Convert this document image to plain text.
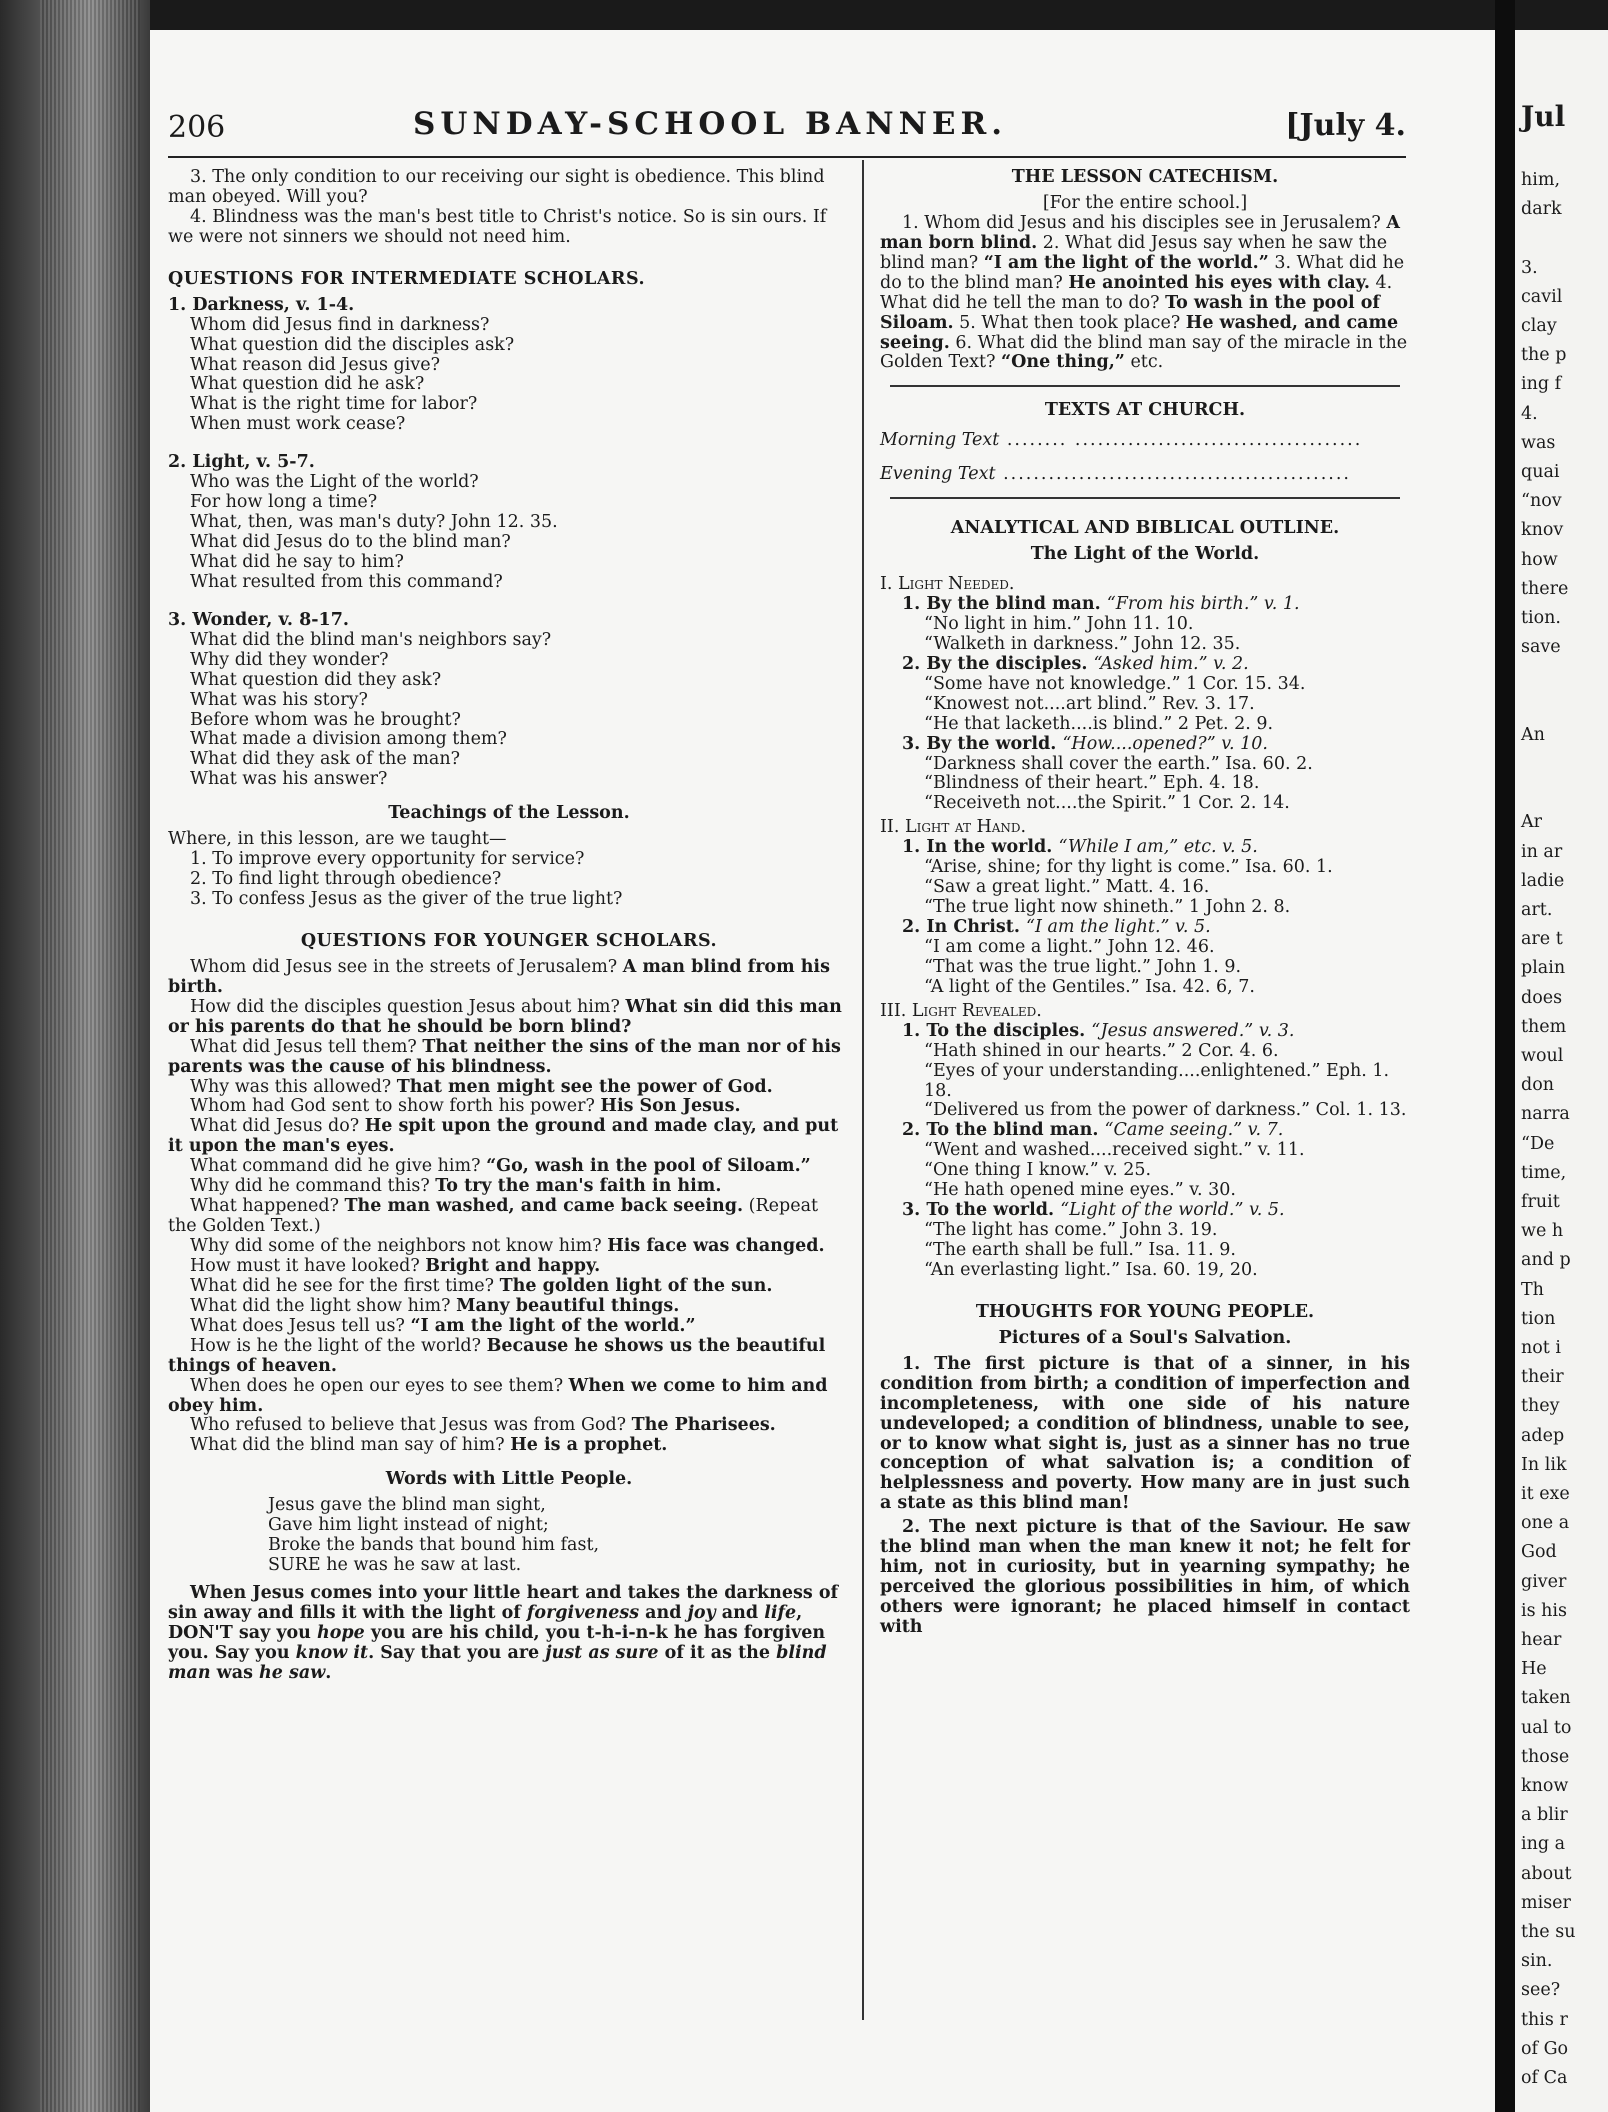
206	SUNDAY-SCHOOL BANNER.	[July 4.

3. The only condition to our receiving our sight is obedience. This blind man obeyed. Will you?

4. Blindness was the man's best title to Christ's notice. So is sin ours. If we were not sinners we should not need him.

QUESTIONS FOR INTERMEDIATE SCHOLARS.

1. Darkness, v. 1-4.

Whom did Jesus find in darkness?

What question did the disciples ask?

What reason did Jesus give?

What question did he ask?

What is the right time for labor?

When must work cease?

2. Light, v. 5-7.

Who was the Light of the world?

For how long a time?

What, then, was man's duty? John 12. 35.

What did Jesus do to the blind man?

What did he say to him?

What resulted from this command?

3. Wonder, v. 8-17.

What did the blind man's neighbors say?

Why did they wonder?

What question did they ask?

What was his story?

Before whom was he brought?

What made a division among them?

What did they ask of the man?

What was his answer?

Teachings of the Lesson.

Where, in this lesson, are we taught—

1. To improve every opportunity for service?

2. To find light through obedience?

3. To confess Jesus as the giver of the true light?

QUESTIONS FOR YOUNGER SCHOLARS.

Whom did Jesus see in the streets of Jerusalem? A man blind from his birth.

How did the disciples question Jesus about him? What sin did this man or his parents do that he should be born blind?

What did Jesus tell them? That neither the sins of the man nor of his parents was the cause of his blindness.

Why was this allowed? That men might see the power of God.

Whom had God sent to show forth his power? His Son Jesus.

What did Jesus do? He spit upon the ground and made clay, and put it upon the man's eyes.

What command did he give him? “Go, wash in the pool of Siloam.”

Why did he command this? To try the man's faith in him.

What happened? The man washed, and came back seeing. (Repeat the Golden Text.)

Why did some of the neighbors not know him? His face was changed.

How must it have looked? Bright and happy.

What did he see for the first time? The golden light of the sun.

What did the light show him? Many beautiful things.

What does Jesus tell us? “I am the light of the world.”

How is he the light of the world? Because he shows us the beautiful things of heaven.

When does he open our eyes to see them? When we come to him and obey him.

Who refused to believe that Jesus was from God? The Pharisees.

What did the blind man say of him? He is a prophet.

Words with Little People.

Jesus gave the blind man sight,

Gave him light instead of night;

Broke the bands that bound him fast,

SURE he was he saw at last.

When Jesus comes into your little heart and takes the darkness of sin away and fills it with the light of forgiveness and joy and life, DON'T say you hope you are his child, you t-h-i-n-k he has forgiven you. Say you know it. Say that you are just as sure of it as the blind man was he saw.

THE LESSON CATECHISM.

[For the entire school.]

1. Whom did Jesus and his disciples see in Jerusalem? A man born blind. 2. What did Jesus say when he saw the blind man? “I am the light of the world.” 3. What did he do to the blind man? He anointed his eyes with clay. 4. What did he tell the man to do? To wash in the pool of Siloam. 5. What then took place? He washed, and came seeing. 6. What did the blind man say of the miracle in the Golden Text? “One thing,” etc.

TEXTS AT CHURCH.

Morning Text ........ ......................................

Evening Text ..............................................

ANALYTICAL AND BIBLICAL OUTLINE.

The Light of the World.

I. Light Needed.

1. By the blind man. “From his birth.” v. 1.

“No light in him.” John 11. 10.

“Walketh in darkness.” John 12. 35.

2. By the disciples. “Asked him.” v. 2.

“Some have not knowledge.” 1 Cor. 15. 34.

“Knowest not....art blind.” Rev. 3. 17.

“He that lacketh....is blind.” 2 Pet. 2. 9.

3. By the world. “How....opened?” v. 10.

“Darkness shall cover the earth.” Isa. 60. 2.

“Blindness of their heart.” Eph. 4. 18.

“Receiveth not....the Spirit.” 1 Cor. 2. 14.

II. Light at Hand.

1. In the world. “While I am,” etc. v. 5.

“Arise, shine; for thy light is come.” Isa. 60. 1.

“Saw a great light.” Matt. 4. 16.

“The true light now shineth.” 1 John 2. 8.

2. In Christ. “I am the light.” v. 5.

“I am come a light.” John 12. 46.

“That was the true light.” John 1. 9.

“A light of the Gentiles.” Isa. 42. 6, 7.

III. Light Revealed.

1. To the disciples. “Jesus answered.” v. 3.

“Hath shined in our hearts.” 2 Cor. 4. 6.

“Eyes of your understanding....enlightened.” Eph. 1. 18.

“Delivered us from the power of darkness.” Col. 1. 13.

2. To the blind man. “Came seeing.” v. 7.

“Went and washed....received sight.” v. 11.

“One thing I know.” v. 25.

“He hath opened mine eyes.” v. 30.

3. To the world. “Light of the world.” v. 5.

“The light has come.” John 3. 19.

“The earth shall be full.” Isa. 11. 9.

“An everlasting light.” Isa. 60. 19, 20.

THOUGHTS FOR YOUNG PEOPLE.

Pictures of a Soul's Salvation.

1. The first picture is that of a sinner, in his condition from birth; a condition of imperfection and incompleteness, with one side of his nature undeveloped; a condition of blindness, unable to see, or to know what sight is, just as a sinner has no true conception of what salvation is; a condition of helplessness and poverty. How many are in just such a state as this blind man!

2. The next picture is that of the Saviour. He saw the blind man when the man knew it not; he felt for him, not in curiosity, but in yearning sympathy; he perceived the glorious possibilities in him, of which others were ignorant; he placed himself in contact with

Jul
him,
dark
3.
cavil
clay
the p
ing f
4.
was
quai
“nov
knov
how
there
tion.
save
An
Ar
in ar
ladie
art.
are t
plain
does
them
woul
don
narra
“De
time,
fruit
we h
and p
Th
tion
not i
their
they
adep
In lik
it exe
one a
God
giver
is his
hear
He
taken
ual to
those
know
a blir
ing a
about
miser
the su
sin.
see?
this r
of Go
of Ca
